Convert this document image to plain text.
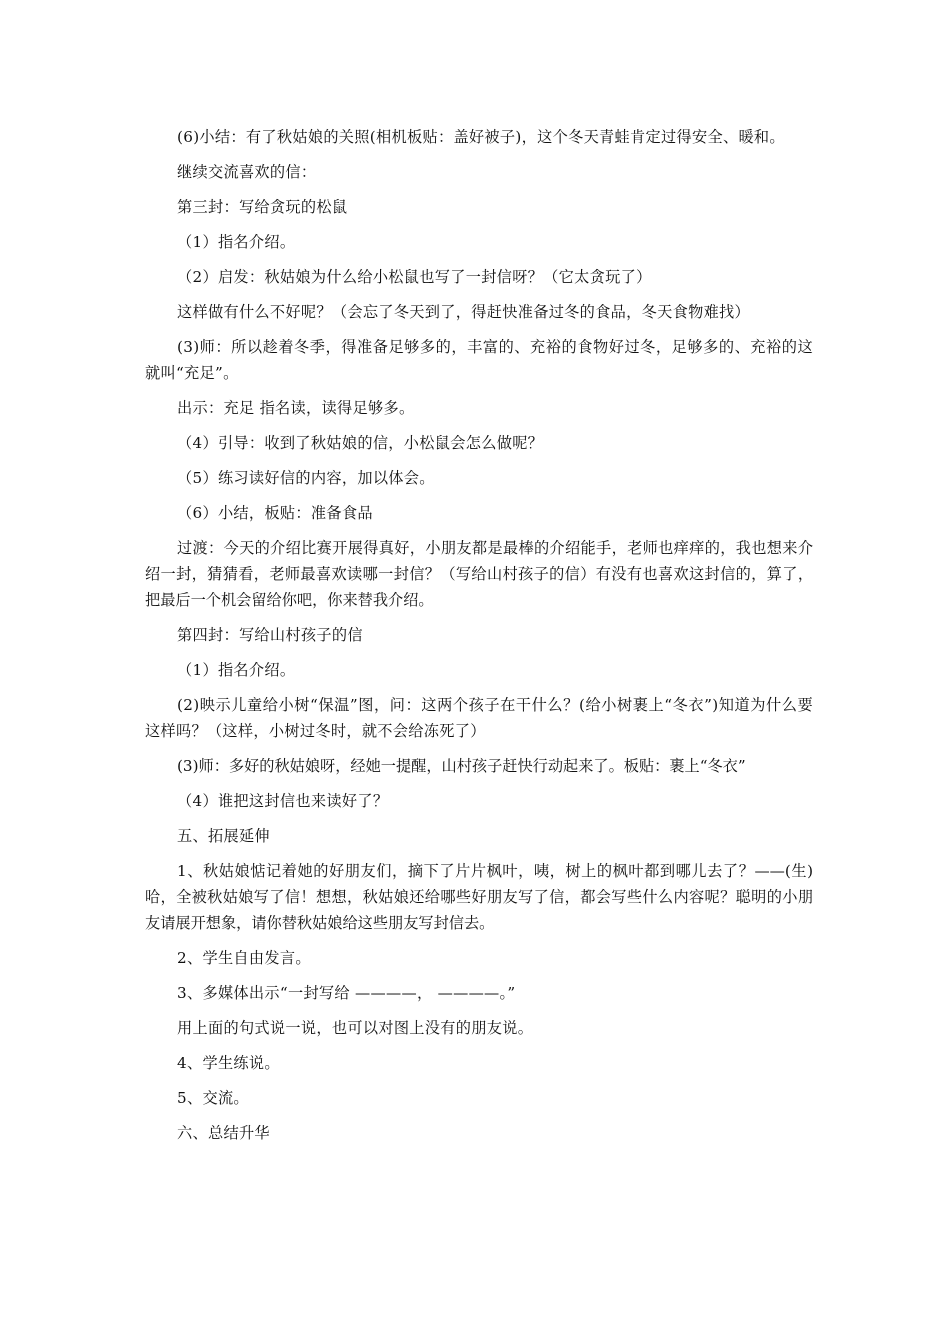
(6)小结：有了秋姑娘的关照(相机板贴：盖好被子)，这个冬天青蛙肯定过得安全、暖和。

继续交流喜欢的信：

第三封：写给贪玩的松鼠

（1）指名介绍。

（2）启发：秋姑娘为什么给小松鼠也写了一封信呀？（它太贪玩了）

这样做有什么不好呢？（会忘了冬天到了，得赶快准备过冬的食品，冬天食物难找）

(3)师：所以趁着冬季，得准备足够多的，丰富的、充裕的食物好过冬，足够多的、充裕的这就叫“充足”。

出示：充足 指名读，读得足够多。

（4）引导：收到了秋姑娘的信，小松鼠会怎么做呢？

（5）练习读好信的内容，加以体会。

（6）小结，板贴：准备食品

过渡：今天的介绍比赛开展得真好，小朋友都是最棒的介绍能手，老师也痒痒的，我也想来介绍一封，猜猜看，老师最喜欢读哪一封信？（写给山村孩子的信）有没有也喜欢这封信的，算了，把最后一个机会留给你吧，你来替我介绍。

第四封：写给山村孩子的信

（1）指名介绍。

(2)映示儿童给小树“保温”图，问：这两个孩子在干什么？(给小树裹上“冬衣”)知道为什么要这样吗？（这样，小树过冬时，就不会给冻死了）

(3)师：多好的秋姑娘呀，经她一提醒，山村孩子赶快行动起来了。板贴：裹上“冬衣”

（4）谁把这封信也来读好了？

五、拓展延伸

1、秋姑娘惦记着她的好朋友们，摘下了片片枫叶，咦，树上的枫叶都到哪儿去了？——(生)哈，全被秋姑娘写了信！想想，秋姑娘还给哪些好朋友写了信，都会写些什么内容呢？聪明的小朋友请展开想象，请你替秋姑娘给这些朋友写封信去。

2、学生自由发言。

3、多媒体出示“一封写给 ————， ————。”

用上面的句式说一说，也可以对图上没有的朋友说。

4、学生练说。

5、交流。

六、总结升华
